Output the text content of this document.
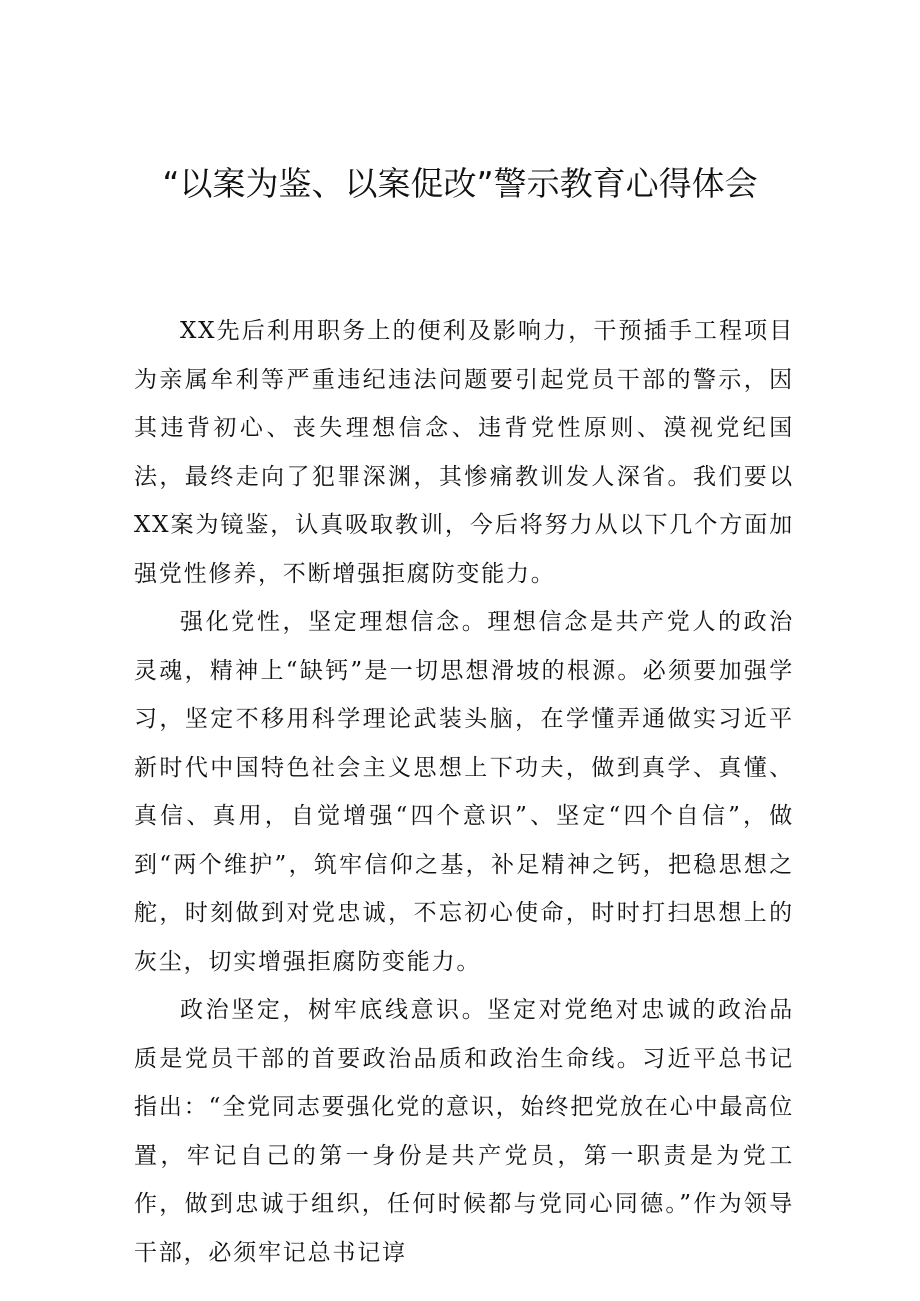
“以案为鉴、以案促改”警示教育心得体会

XX先后利用职务上的便利及影响力，干预插手工程项目为亲属牟利等严重违纪违法问题要引起党员干部的警示，因其违背初心、丧失理想信念、违背党性原则、漠视党纪国法，最终走向了犯罪深渊，其惨痛教训发人深省。我们要以XX案为镜鉴，认真吸取教训，今后将努力从以下几个方面加强党性修养，不断增强拒腐防变能力。

强化党性，坚定理想信念。理想信念是共产党人的政治灵魂，精神上“缺钙”是一切思想滑坡的根源。必须要加强学习，坚定不移用科学理论武装头脑，在学懂弄通做实习近平新时代中国特色社会主义思想上下功夫，做到真学、真懂、真信、真用，自觉增强“四个意识”、坚定“四个自信”，做到“两个维护”，筑牢信仰之基，补足精神之钙，把稳思想之舵，时刻做到对党忠诚，不忘初心使命，时时打扫思想上的灰尘，切实增强拒腐防变能力。

政治坚定，树牢底线意识。坚定对党绝对忠诚的政治品质是党员干部的首要政治品质和政治生命线。习近平总书记指出：“全党同志要强化党的意识，始终把党放在心中最高位置，牢记自己的第一身份是共产党员，第一职责是为党工作，做到忠诚于组织，任何时候都与党同心同德。”作为领导干部，必须牢记总书记谆
